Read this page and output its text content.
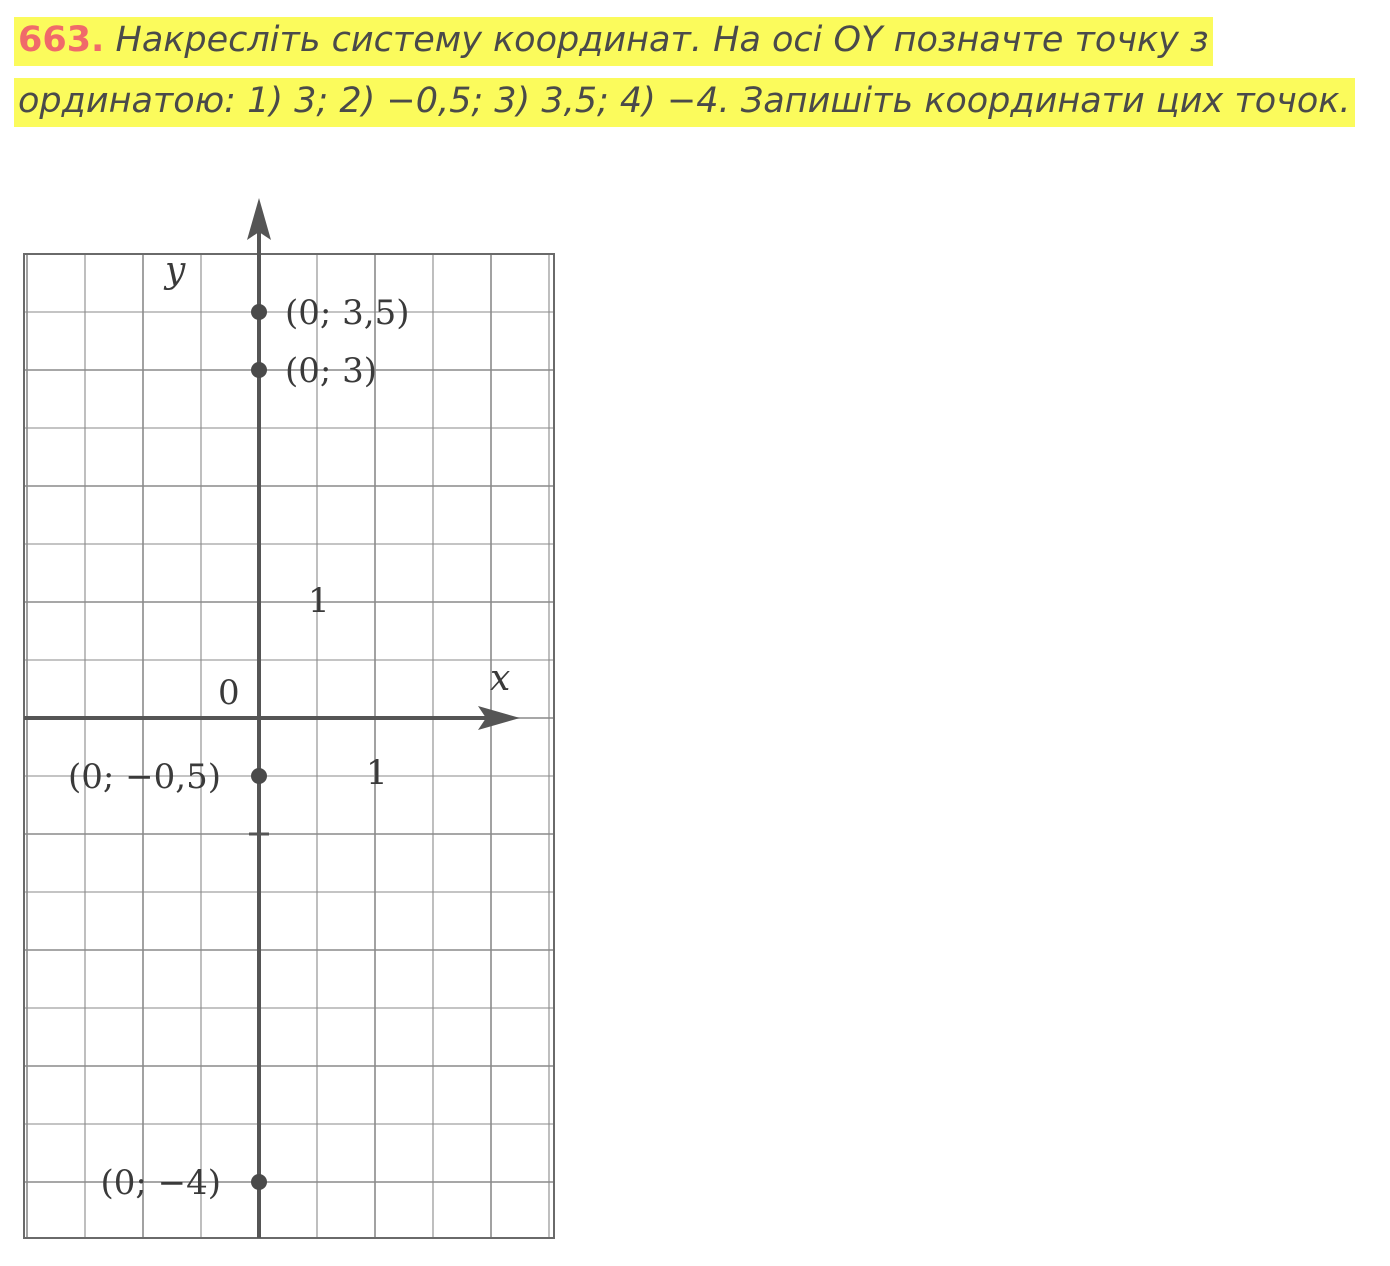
663. Накресліть систему координат. На осі OY позначте точку з ординатою: 1) 3; 2) −0,5; 3) 3,5; 4) −4. Запишіть координати цих точок.
y
x
0
1
1
(0; 3,5)
(0; 3)
(0; −0,5)
(0; −4)
